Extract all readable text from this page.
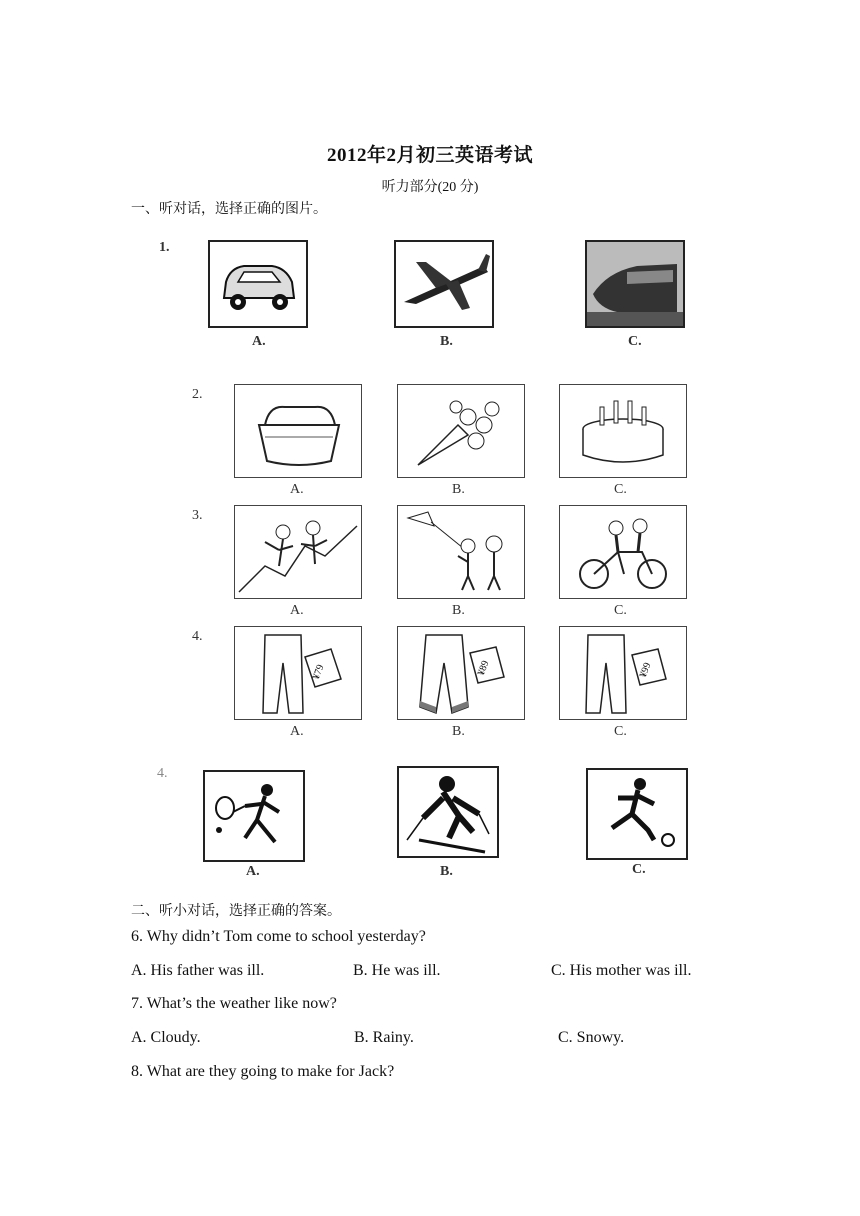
2012年2月初三英语考试
听力部分(20 分)
一、听对话，选择正确的图片。
1.
A.	B.	C.
2.
A.	B.	C.
3.
A.	B.	C.
4.
¥79	¥89	¥99
A.	B.	C.
4.
A.	B.	C.
二、听小对话，选择正确的答案。
6. Why didn’t Tom come to school yesterday?
A. His father was ill.	B. He was ill.	C. His mother was ill.
7. What’s the weather like now?
A. Cloudy.	B. Rainy.	C. Snowy.
8. What are they going to make for Jack?
